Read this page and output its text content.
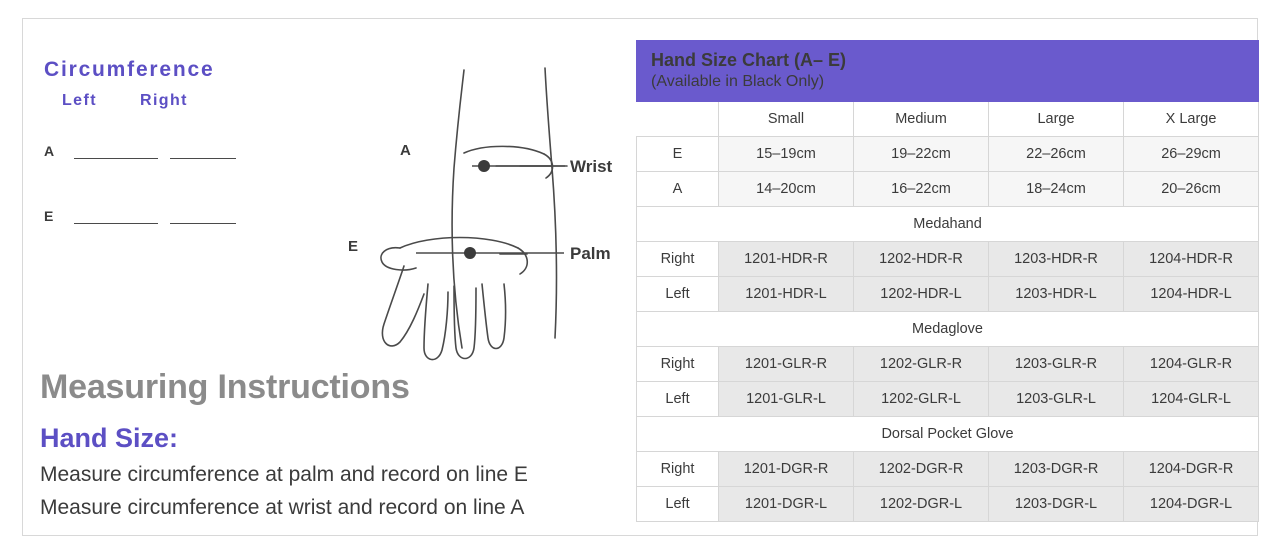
Circumference
Left	Right
A
E
A
E
Wrist
Palm
Measuring Instructions
Hand Size:
Measure circumference at palm and record on line E
Measure circumference at wrist and record on line A
Hand Size Chart (A– E)
(Available in Black Only)				

	Small	Medium	Large	X Large
E	15–19cm	19–22cm	22–26cm	26–29cm
A	14–20cm	16–22cm	18–24cm	20–26cm
Medahand				
Right	1201-HDR-R	1202-HDR-R	1203-HDR-R	1204-HDR-R
Left	1201-HDR-L	1202-HDR-L	1203-HDR-L	1204-HDR-L
Medaglove				
Right	1201-GLR-R	1202-GLR-R	1203-GLR-R	1204-GLR-R
Left	1201-GLR-L	1202-GLR-L	1203-GLR-L	1204-GLR-L
Dorsal Pocket Glove				
Right	1201-DGR-R	1202-DGR-R	1203-DGR-R	1204-DGR-R
Left	1201-DGR-L	1202-DGR-L	1203-DGR-L	1204-DGR-L
